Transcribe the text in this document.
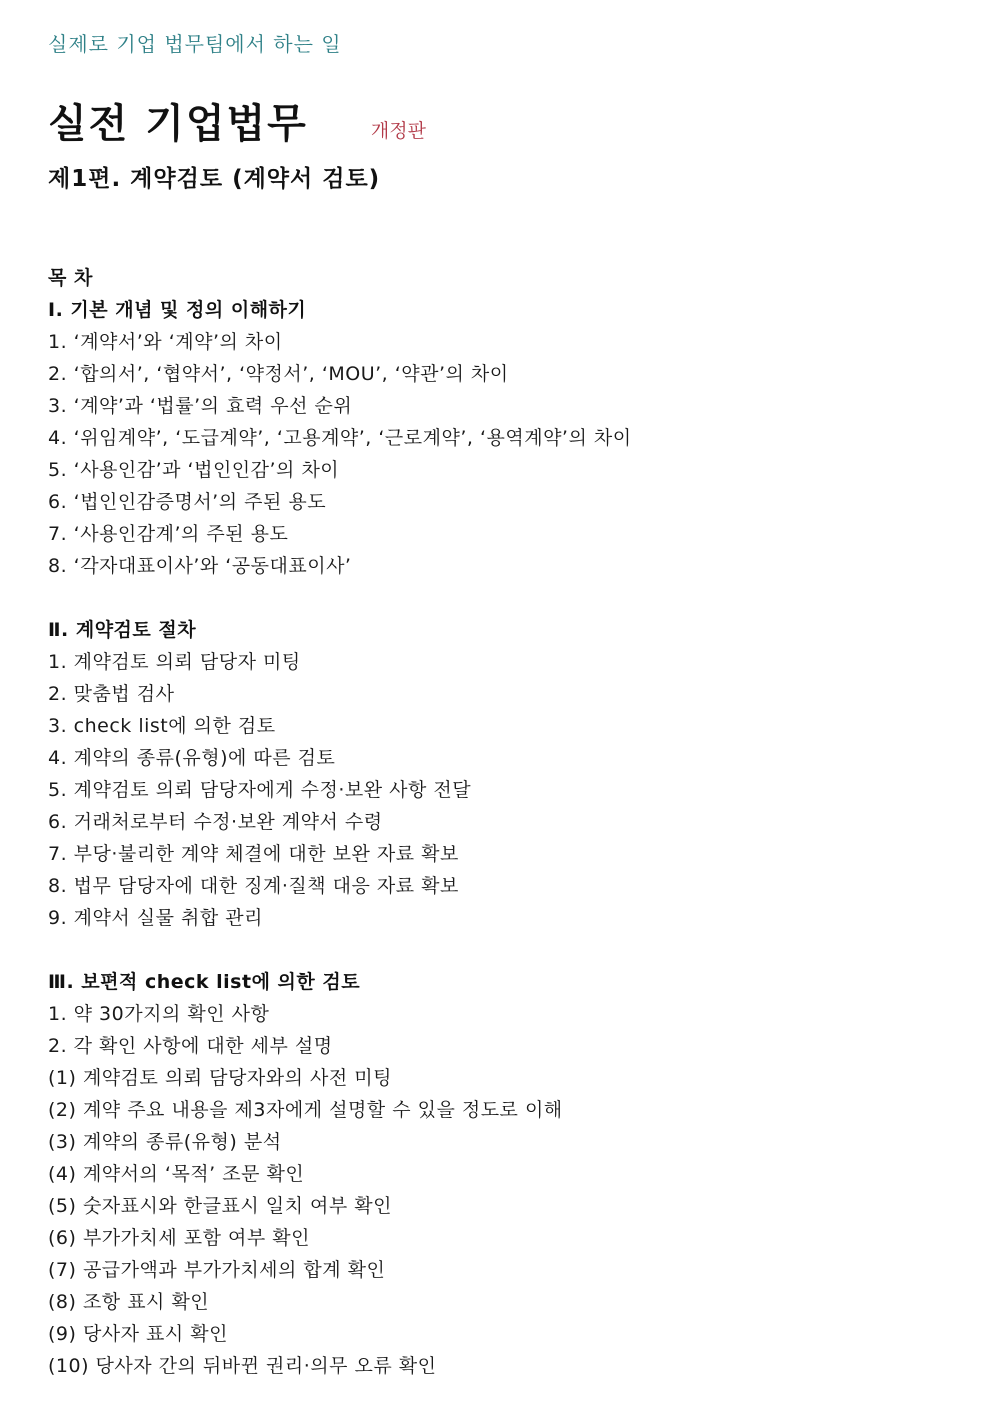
실제로 기업 법무팀에서 하는 일
실전 기업법무	개정판
제1편. 계약검토 (계약서 검토)
목 차
Ⅰ. 기본 개념 및 정의 이해하기
1. ‘계약서’와 ‘계약’의 차이
2. ‘합의서’, ‘협약서’, ‘약정서’, ‘MOU’, ‘약관’의 차이
3. ‘계약’과 ‘법률’의 효력 우선 순위
4. ‘위임계약’, ‘도급계약’, ‘고용계약’, ‘근로계약’, ‘용역계약’의 차이
5. ‘사용인감’과 ‘법인인감’의 차이
6. ‘법인인감증명서’의 주된 용도
7. ‘사용인감계’의 주된 용도
8. ‘각자대표이사’와 ‘공동대표이사’
Ⅱ. 계약검토 절차
1. 계약검토 의뢰 담당자 미팅
2. 맞춤법 검사
3. check list에 의한 검토
4. 계약의 종류(유형)에 따른 검토
5. 계약검토 의뢰 담당자에게 수정·보완 사항 전달
6. 거래처로부터 수정·보완 계약서 수령
7. 부당·불리한 계약 체결에 대한 보완 자료 확보
8. 법무 담당자에 대한 징계·질책 대응 자료 확보
9. 계약서 실물 취합 관리
Ⅲ. 보편적 check list에 의한 검토
1. 약 30가지의 확인 사항
2. 각 확인 사항에 대한 세부 설명
(1) 계약검토 의뢰 담당자와의 사전 미팅
(2) 계약 주요 내용을 제3자에게 설명할 수 있을 정도로 이해
(3) 계약의 종류(유형) 분석
(4) 계약서의 ‘목적’ 조문 확인
(5) 숫자표시와 한글표시 일치 여부 확인
(6) 부가가치세 포함 여부 확인
(7) 공급가액과 부가가치세의 합계 확인
(8) 조항 표시 확인
(9) 당사자 표시 확인
(10) 당사자 간의 뒤바뀐 권리·의무 오류 확인
